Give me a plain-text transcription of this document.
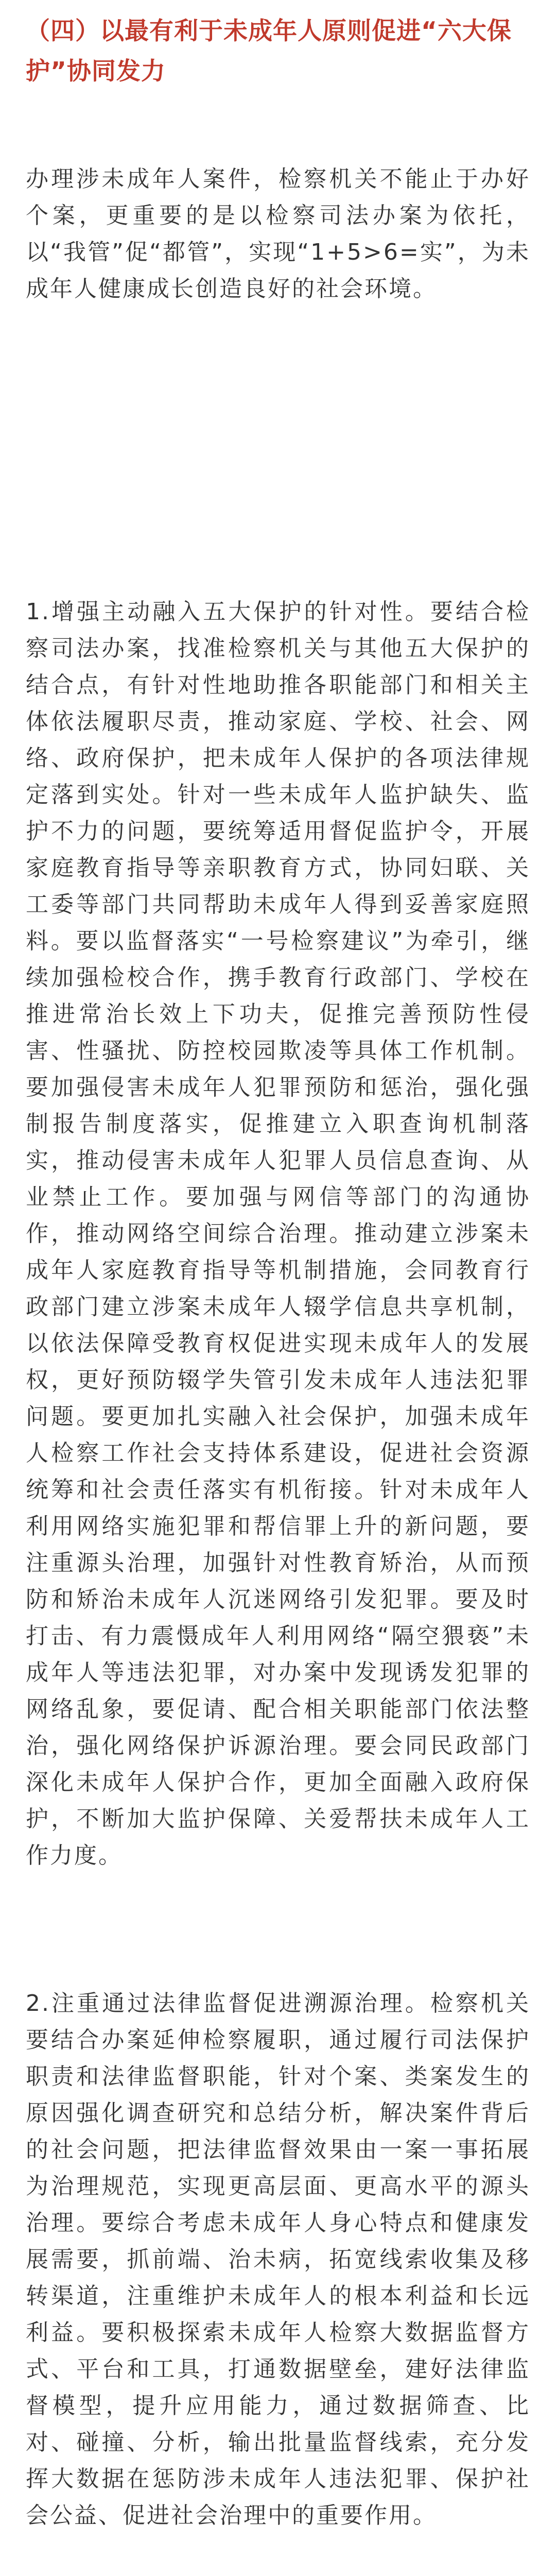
（四）以最有利于未成年人原则促进“六大保护”协同发力

办理涉未成年人案件，检察机关不能止于办好个案，更重要的是以检察司法办案为依托，以“我管”促“都管”，实现“1+5>6=实”，为未成年人健康成长创造良好的社会环境。

1.增强主动融入五大保护的针对性。要结合检察司法办案，找准检察机关与其他五大保护的结合点，有针对性地助推各职能部门和相关主体依法履职尽责，推动家庭、学校、社会、网络、政府保护，把未成年人保护的各项法律规定落到实处。针对一些未成年人监护缺失、监护不力的问题，要统筹适用督促监护令，开展家庭教育指导等亲职教育方式，协同妇联、关工委等部门共同帮助未成年人得到妥善家庭照料。要以监督落实“一号检察建议”为牵引，继续加强检校合作，携手教育行政部门、学校在推进常治长效上下功夫，促推完善预防性侵害、性骚扰、防控校园欺凌等具体工作机制。要加强侵害未成年人犯罪预防和惩治，强化强制报告制度落实，促推建立入职查询机制落实，推动侵害未成年人犯罪人员信息查询、从业禁止工作。要加强与网信等部门的沟通协作，推动网络空间综合治理。推动建立涉案未成年人家庭教育指导等机制措施，会同教育行政部门建立涉案未成年人辍学信息共享机制，以依法保障受教育权促进实现未成年人的发展权，更好预防辍学失管引发未成年人违法犯罪问题。要更加扎实融入社会保护，加强未成年人检察工作社会支持体系建设，促进社会资源统筹和社会责任落实有机衔接。针对未成年人利用网络实施犯罪和帮信罪上升的新问题，要注重源头治理，加强针对性教育矫治，从而预防和矫治未成年人沉迷网络引发犯罪。要及时打击、有力震慑成年人利用网络“隔空猥亵”未成年人等违法犯罪，对办案中发现诱发犯罪的网络乱象，要促请、配合相关职能部门依法整治，强化网络保护诉源治理。要会同民政部门深化未成年人保护合作，更加全面融入政府保护，不断加大监护保障、关爱帮扶未成年人工作力度。

2.注重通过法律监督促进溯源治理。检察机关要结合办案延伸检察履职，通过履行司法保护职责和法律监督职能，针对个案、类案发生的原因强化调查研究和总结分析，解决案件背后的社会问题，把法律监督效果由一案一事拓展为治理规范，实现更高层面、更高水平的源头治理。要综合考虑未成年人身心特点和健康发展需要，抓前端、治未病，拓宽线索收集及移转渠道，注重维护未成年人的根本利益和长远利益。要积极探索未成年人检察大数据监督方式、平台和工具，打通数据壁垒，建好法律监督模型，提升应用能力，通过数据筛查、比对、碰撞、分析，输出批量监督线索，充分发挥大数据在惩防涉未成年人违法犯罪、保护社会公益、促进社会治理中的重要作用。
